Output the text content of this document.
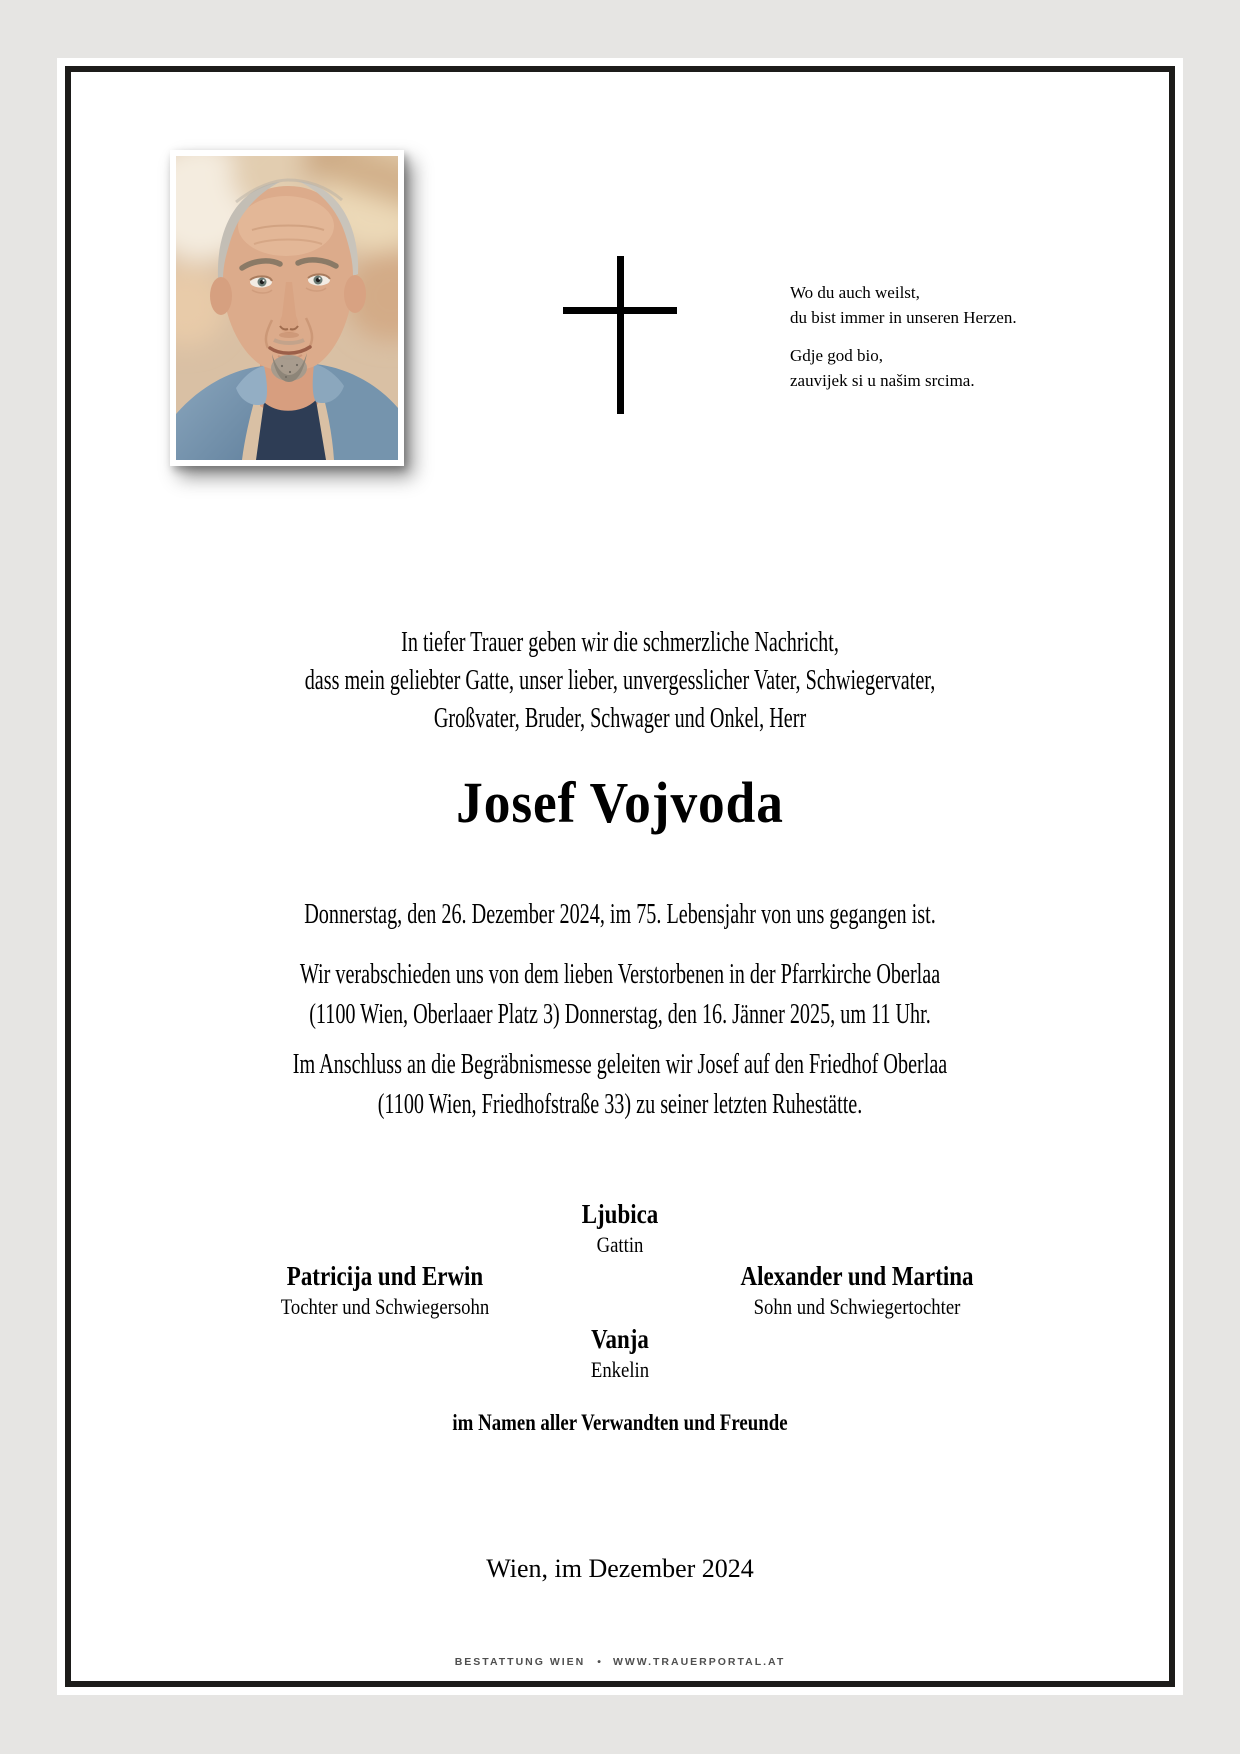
Wo du auch weilst,
du bist immer in unseren Herzen.
Gdje god bio,
zauvijek si u našim srcima.
In tiefer Trauer geben wir die schmerzliche Nachricht,
dass mein geliebter Gatte, unser lieber, unvergesslicher Vater, Schwiegervater,
Großvater, Bruder, Schwager und Onkel, Herr
Josef Vojvoda
Donnerstag, den 26. Dezember 2024, im 75. Lebensjahr von uns gegangen ist.
Wir verabschieden uns von dem lieben Verstorbenen in der Pfarrkirche Oberlaa
(1100 Wien, Oberlaaer Platz 3) Donnerstag, den 16. Jänner 2025, um 11 Uhr.
Im Anschluss an die Begräbnismesse geleiten wir Josef auf den Friedhof Oberlaa
(1100 Wien, Friedhofstraße 33) zu seiner letzten Ruhestätte.
Ljubica
Gattin
Patricija und Erwin
Tochter und Schwiegersohn
Alexander und Martina
Sohn und Schwiegertochter
Vanja
Enkelin
im Namen aller Verwandten und Freunde
Wien, im Dezember 2024
BESTATTUNG WIEN • WWW.TRAUERPORTAL.AT
